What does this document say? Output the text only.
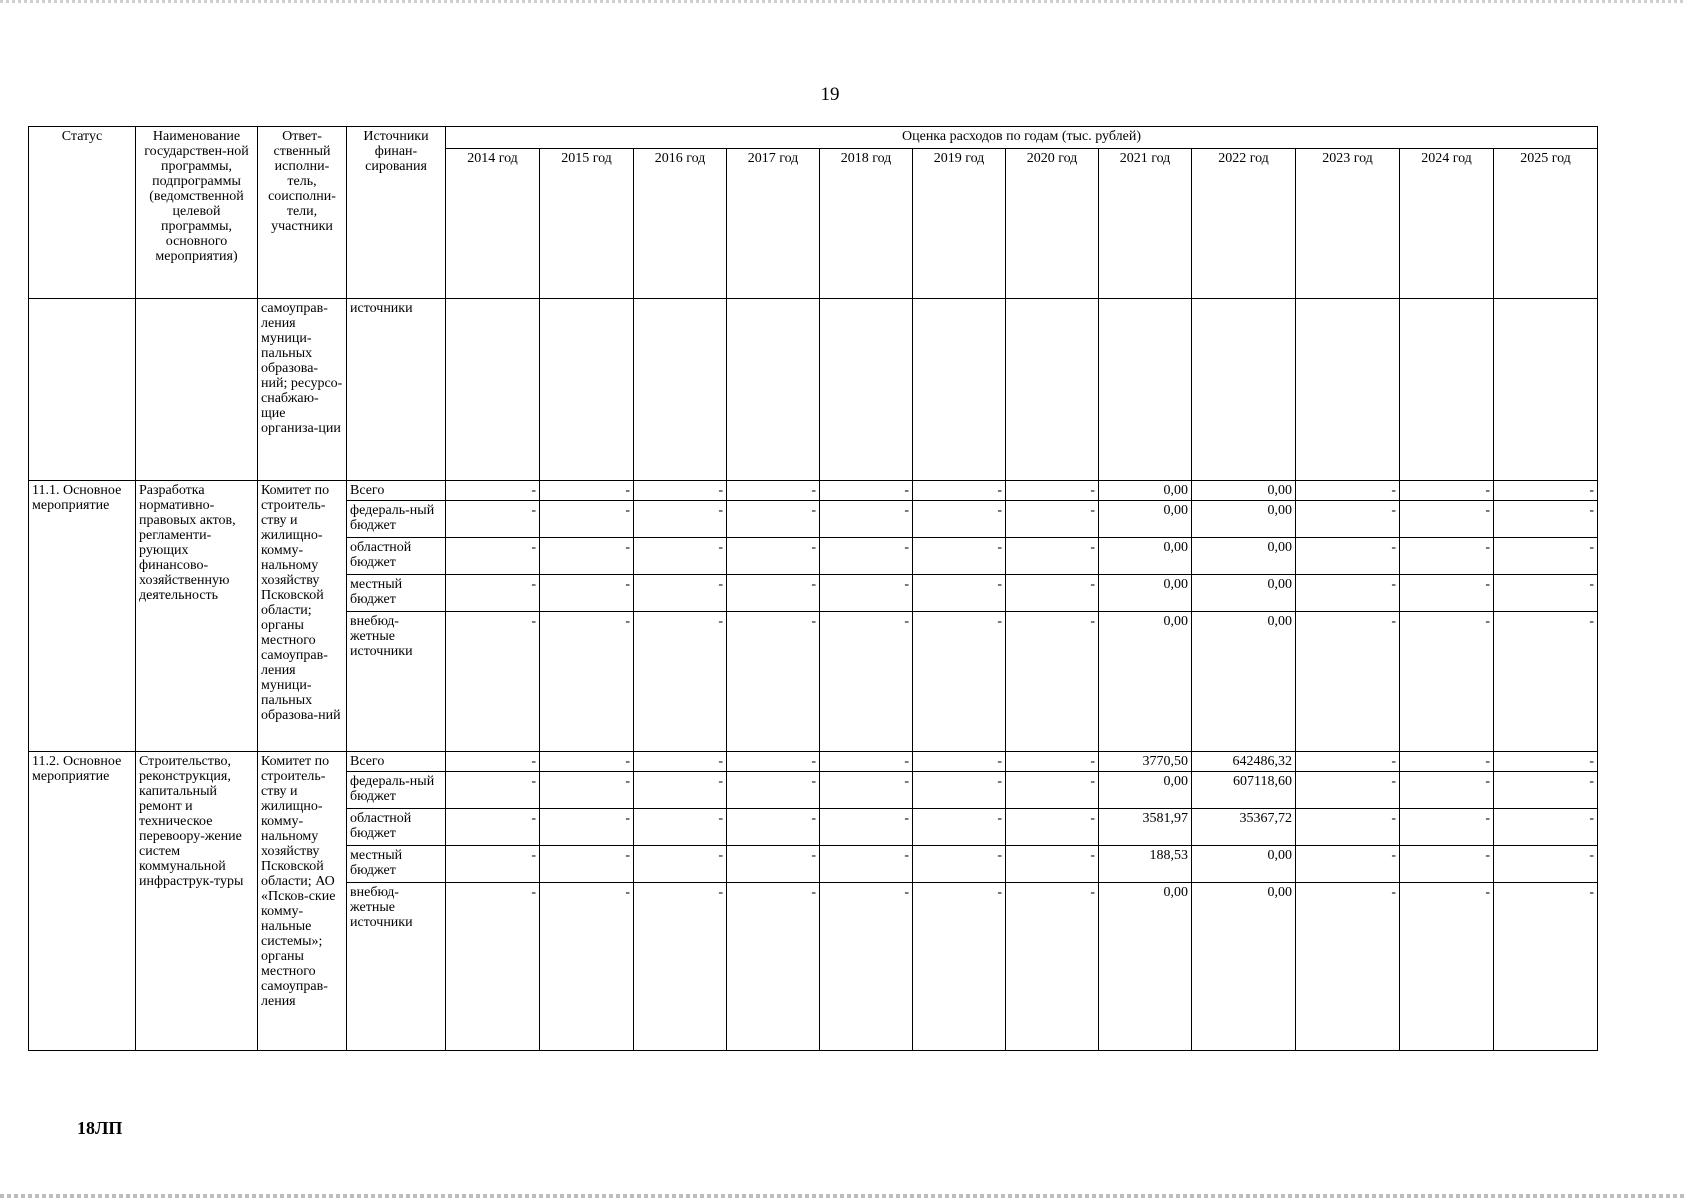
19
Статус	Наименование государствен-ной программы, подпрограммы (ведомственной целевой программы, основного мероприятия)	Ответ-ственный исполни-тель, соисполни-тели, участники	Источники финан-сирования	Оценка расходов по годам (тыс. рублей)											
				2014 год	2015 год	2016 год	2017 год	2018 год	2019 год	2020 год	2021 год	2022 год	2023 год	2024 год	2025 год
		самоуправ-ления муници-пальных образова-ний; ресурсо-снабжаю-щие организа-ции	источники												
11.1. Основное мероприятие	Разработка нормативно-правовых актов, регламенти-рующих финансово-хозяйственную деятельность	Комитет по строитель-ству и жилищно-комму-нальному хозяйству Псковской области; органы местного самоуправ-ления муници-пальных образова-ний	Всего	-	-	-	-	-	-	-	0,00	0,00	-	-	-
			федераль-ный бюджет	-	-	-	-	-	-	-	0,00	0,00	-	-	-
			областной бюджет	-	-	-	-	-	-	-	0,00	0,00	-	-	-
			местный бюджет	-	-	-	-	-	-	-	0,00	0,00	-	-	-
			внебюд-жетные источники	-	-	-	-	-	-	-	0,00	0,00	-	-	-
11.2. Основное мероприятие	Строительство, реконструкция, капитальный ремонт и техническое перевоору-жение систем коммунальной инфраструк-туры	Комитет по строитель-ству и жилищно-комму-нальному хозяйству Псковской области; АО «Псков-ские комму-нальные системы»; органы местного самоуправ-ления	Всего	-	-	-	-	-	-	-	3770,50	642486,32	-	-	-
			федераль-ный бюджет	-	-	-	-	-	-	-	0,00	607118,60	-	-	-
			областной бюджет	-	-	-	-	-	-	-	3581,97	35367,72	-	-	-
			местный бюджет	-	-	-	-	-	-	-	188,53	0,00	-	-	-
			внебюд-жетные источники	-	-	-	-	-	-	-	0,00	0,00	-	-	-
18ЛП
